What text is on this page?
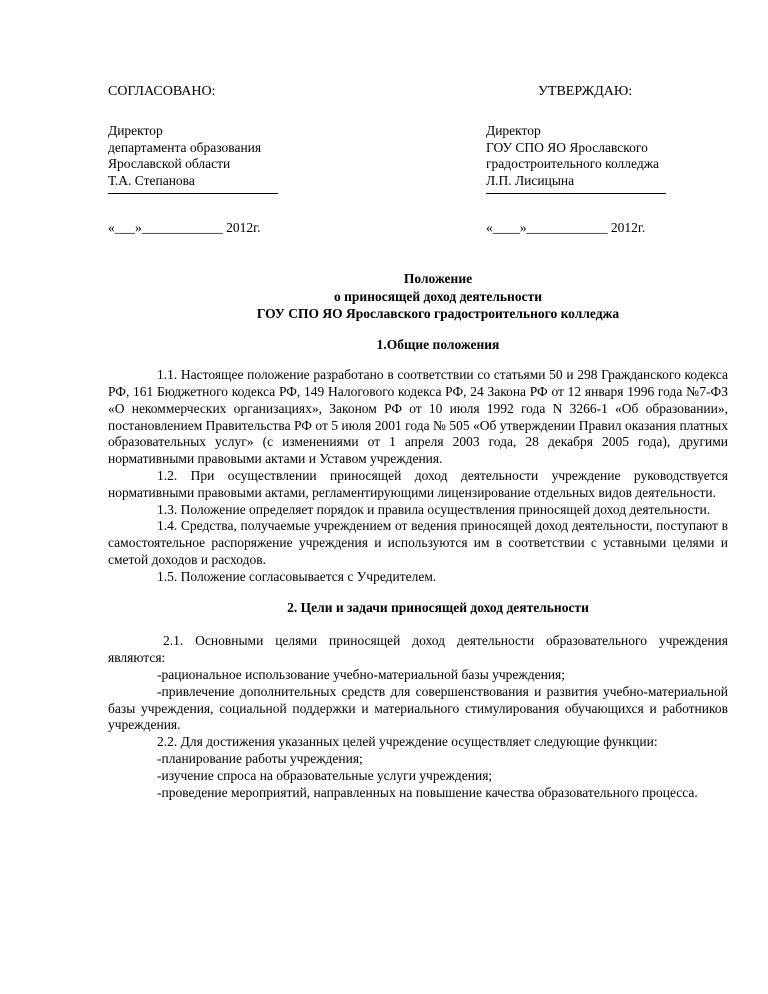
СОГЛАСОВАНО:
Директор
департамента образования
Ярославской области
Т.А. Степанова
«___»____________ 2012г.
УТВЕРЖДАЮ:
Директор
ГОУ СПО ЯО Ярославского
градостроительного колледжа
Л.П. Лисицына
«____»____________ 2012г.
Положение
о приносящей доход деятельности
ГОУ СПО ЯО Ярославского градостроительного колледжа
1.Общие положения

1.1. Настоящее положение разработано в соответствии со статьями 50 и 298 Гражданского кодекса РФ, 161 Бюджетного кодекса РФ, 149 Налогового кодекса РФ, 24 Закона РФ от 12 января 1996 года №7-ФЗ «О некоммерческих организациях», Законом РФ от 10 июля 1992 года N 3266-1 «Об образовании», постановлением Правительства РФ от 5 июля 2001 года № 505 «Об утверждении Правил оказания платных образовательных услуг» (с изменениями от 1 апреля 2003 года, 28 декабря 2005 года), другими нормативными правовыми актами и Уставом учреждения.

1.2. При осуществлении приносящей доход деятельности учреждение руководствуется нормативными правовыми актами, регламентирующими лицензирование отдельных видов деятельности.

1.3. Положение определяет порядок и правила осуществления приносящей доход деятельности.

1.4. Средства, получаемые учреждением от ведения приносящей доход деятельности, поступают в самостоятельное распоряжение учреждения и используются им в соответствии с уставными целями и сметой доходов и расходов.

1.5. Положение согласовывается с Учредителем.

2. Цели и задачи приносящей доход деятельности

2.1. Основными целями приносящей доход деятельности образовательного учреждения являются:

-рациональное использование учебно-материальной базы учреждения;

-привлечение дополнительных средств для совершенствования и развития учебно-материальной базы учреждения, социальной поддержки и материального стимулирования обучающихся и работников учреждения.

2.2. Для достижения указанных целей учреждение осуществляет следующие функции:

-планирование работы учреждения;

-изучение спроса на образовательные услуги учреждения;

-проведение мероприятий, направленных на повышение качества образовательного процесса.
